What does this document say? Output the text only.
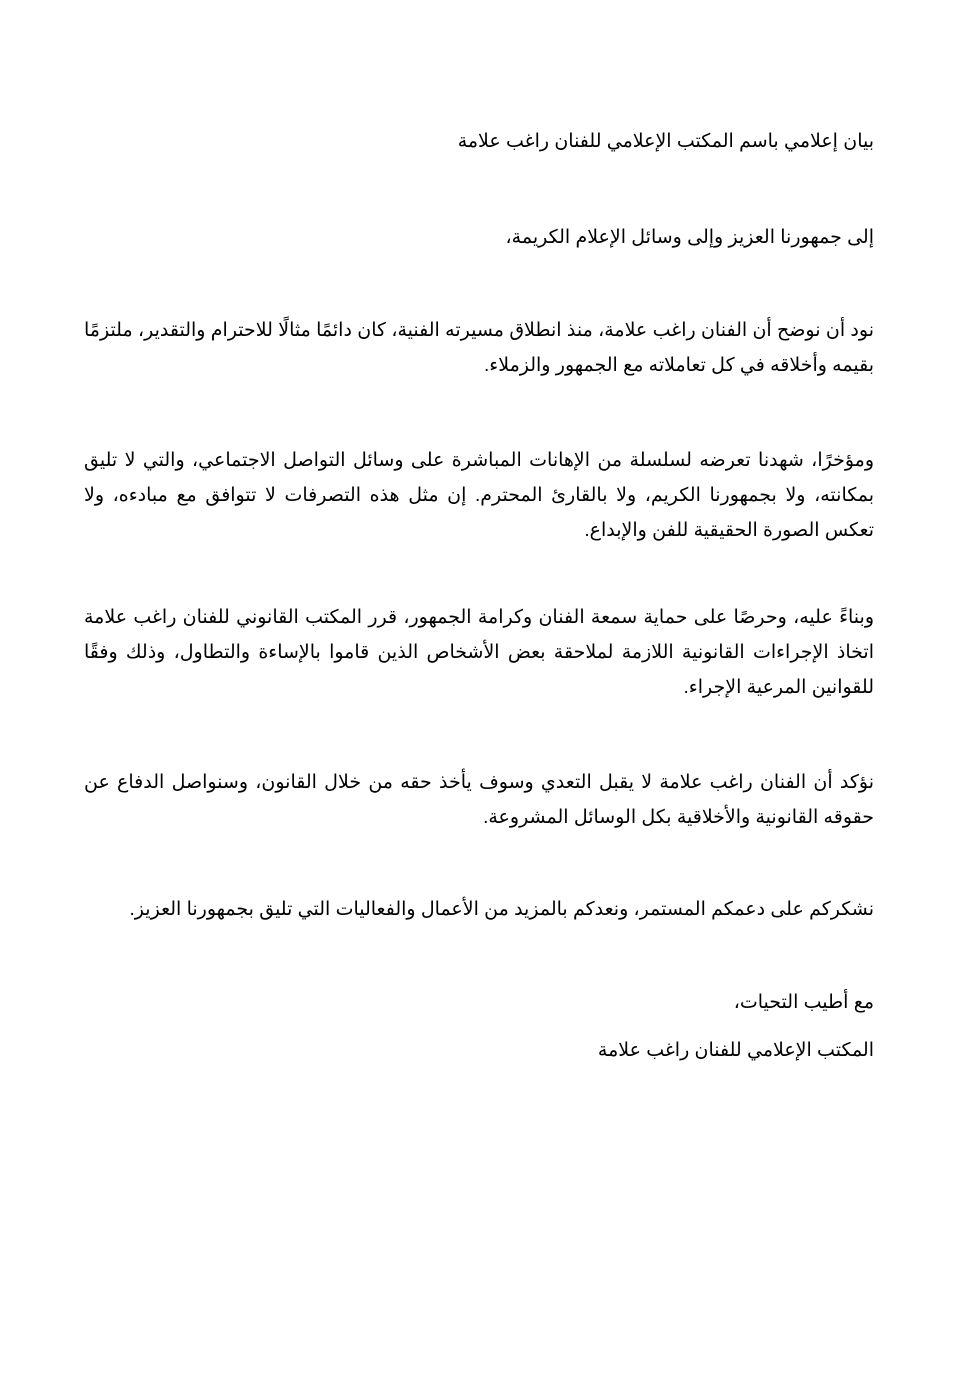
بيان إعلامي باسم المكتب الإعلامي للفنان راغب علامة

إلى جمهورنا العزيز وإلى وسائل الإعلام الكريمة،

نود أن نوضح أن الفنان راغب علامة، منذ انطلاق مسيرته الفنية، كان دائمًا مثالًا للاحترام والتقدير، ملتزمًا بقيمه وأخلاقه في كل تعاملاته مع الجمهور والزملاء.

ومؤخرًا، شهدنا تعرضه لسلسلة من الإهانات المباشرة على وسائل التواصل الاجتماعي، والتي لا تليق بمكانته، ولا بجمهورنا الكريم، ولا بالقارئ المحترم. إن مثل هذه التصرفات لا تتوافق مع مبادءه، ولا تعكس الصورة الحقيقية للفن والإبداع.

وبناءً عليه، وحرصًا على حماية سمعة الفنان وكرامة الجمهور، قرر المكتب القانوني للفنان راغب علامة اتخاذ الإجراءات القانونية اللازمة لملاحقة بعض الأشخاص الذين قاموا بالإساءة والتطاول، وذلك وفقًا للقوانين المرعية الإجراء.

نؤكد أن الفنان راغب علامة لا يقبل التعدي وسوف يأخذ حقه من خلال القانون، وسنواصل الدفاع عن حقوقه القانونية والأخلاقية بكل الوسائل المشروعة.

نشكركم على دعمكم المستمر، ونعدكم بالمزيد من الأعمال والفعاليات التي تليق بجمهورنا العزيز.

مع أطيب التحيات،

المكتب الإعلامي للفنان راغب علامة
